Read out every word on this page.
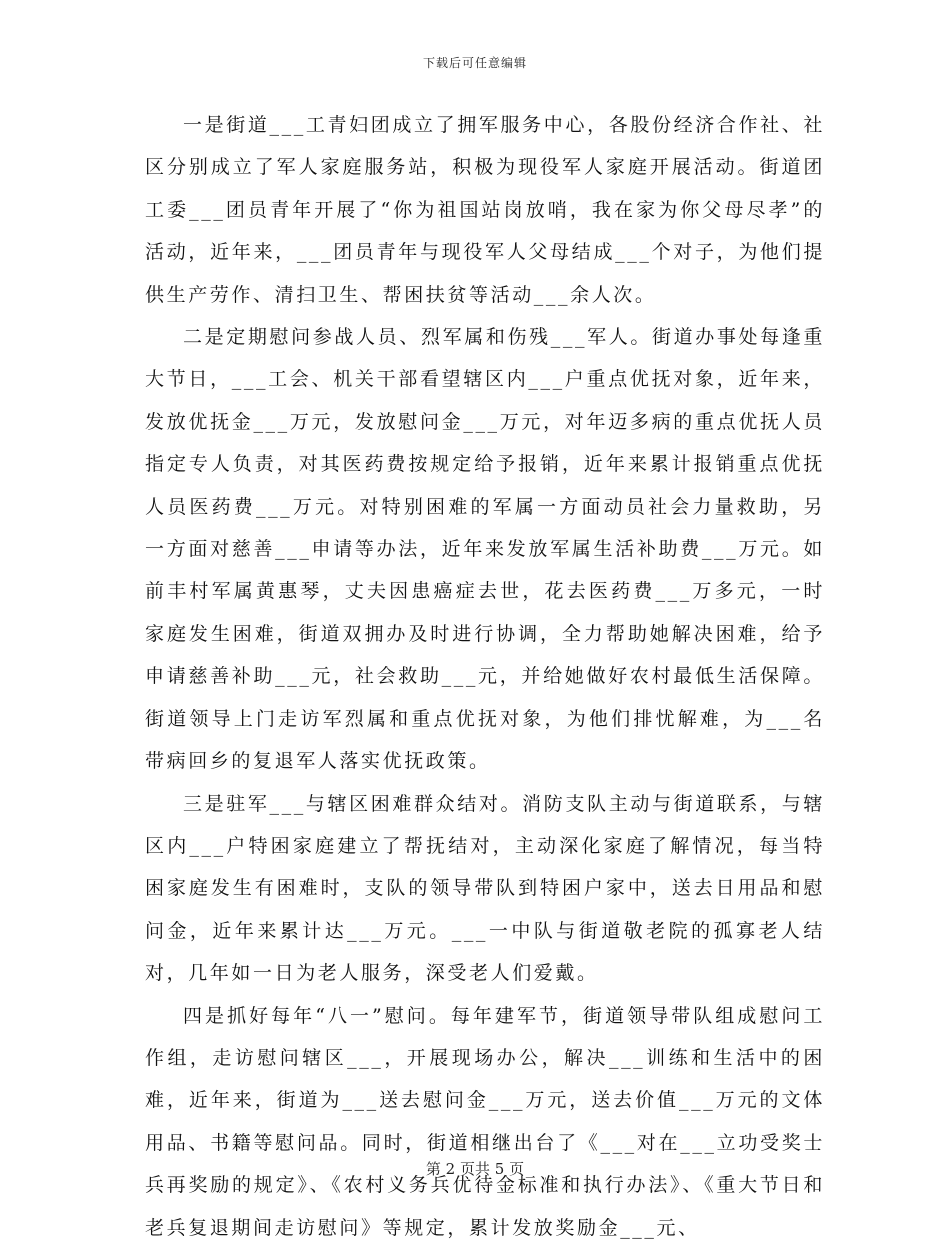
下载后可任意编辑

一是街道___工青妇团成立了拥军服务中心，各股份经济合作社、社区分别成立了军人家庭服务站，积极为现役军人家庭开展活动。街道团工委___团员青年开展了“你为祖国站岗放哨，我在家为你父母尽孝”的活动，近年来，___团员青年与现役军人父母结成___个对子，为他们提供生产劳作、清扫卫生、帮困扶贫等活动___余人次。

二是定期慰问参战人员、烈军属和伤残___军人。街道办事处每逢重大节日，___工会、机关干部看望辖区内___户重点优抚对象，近年来，发放优抚金___万元，发放慰问金___万元，对年迈多病的重点优抚人员指定专人负责，对其医药费按规定给予报销，近年来累计报销重点优抚人员医药费___万元。对特别困难的军属一方面动员社会力量救助，另一方面对慈善___申请等办法，近年来发放军属生活补助费___万元。如前丰村军属黄惠琴，丈夫因患癌症去世，花去医药费___万多元，一时家庭发生困难，街道双拥办及时进行协调，全力帮助她解决困难，给予申请慈善补助___元，社会救助___元，并给她做好农村最低生活保障。街道领导上门走访军烈属和重点优抚对象，为他们排忧解难，为___名带病回乡的复退军人落实优抚政策。

三是驻军___与辖区困难群众结对。消防支队主动与街道联系，与辖区内___户特困家庭建立了帮抚结对，主动深化家庭了解情况，每当特困家庭发生有困难时，支队的领导带队到特困户家中，送去日用品和慰问金，近年来累计达___万元。___一中队与街道敬老院的孤寡老人结对，几年如一日为老人服务，深受老人们爱戴。

四是抓好每年“八一”慰问。每年建军节，街道领导带队组成慰问工作组，走访慰问辖区___，开展现场办公，解决___训练和生活中的困难，近年来，街道为___送去慰问金___万元，送去价值___万元的文体用品、书籍等慰问品。同时，街道相继出台了《___对在___立功受奖士兵再奖励的规定》、《农村义务兵优待金标准和执行办法》、《重大节日和老兵复退期间走访慰问》等规定，累计发放奖励金___元、

第 2 页共 5 页
